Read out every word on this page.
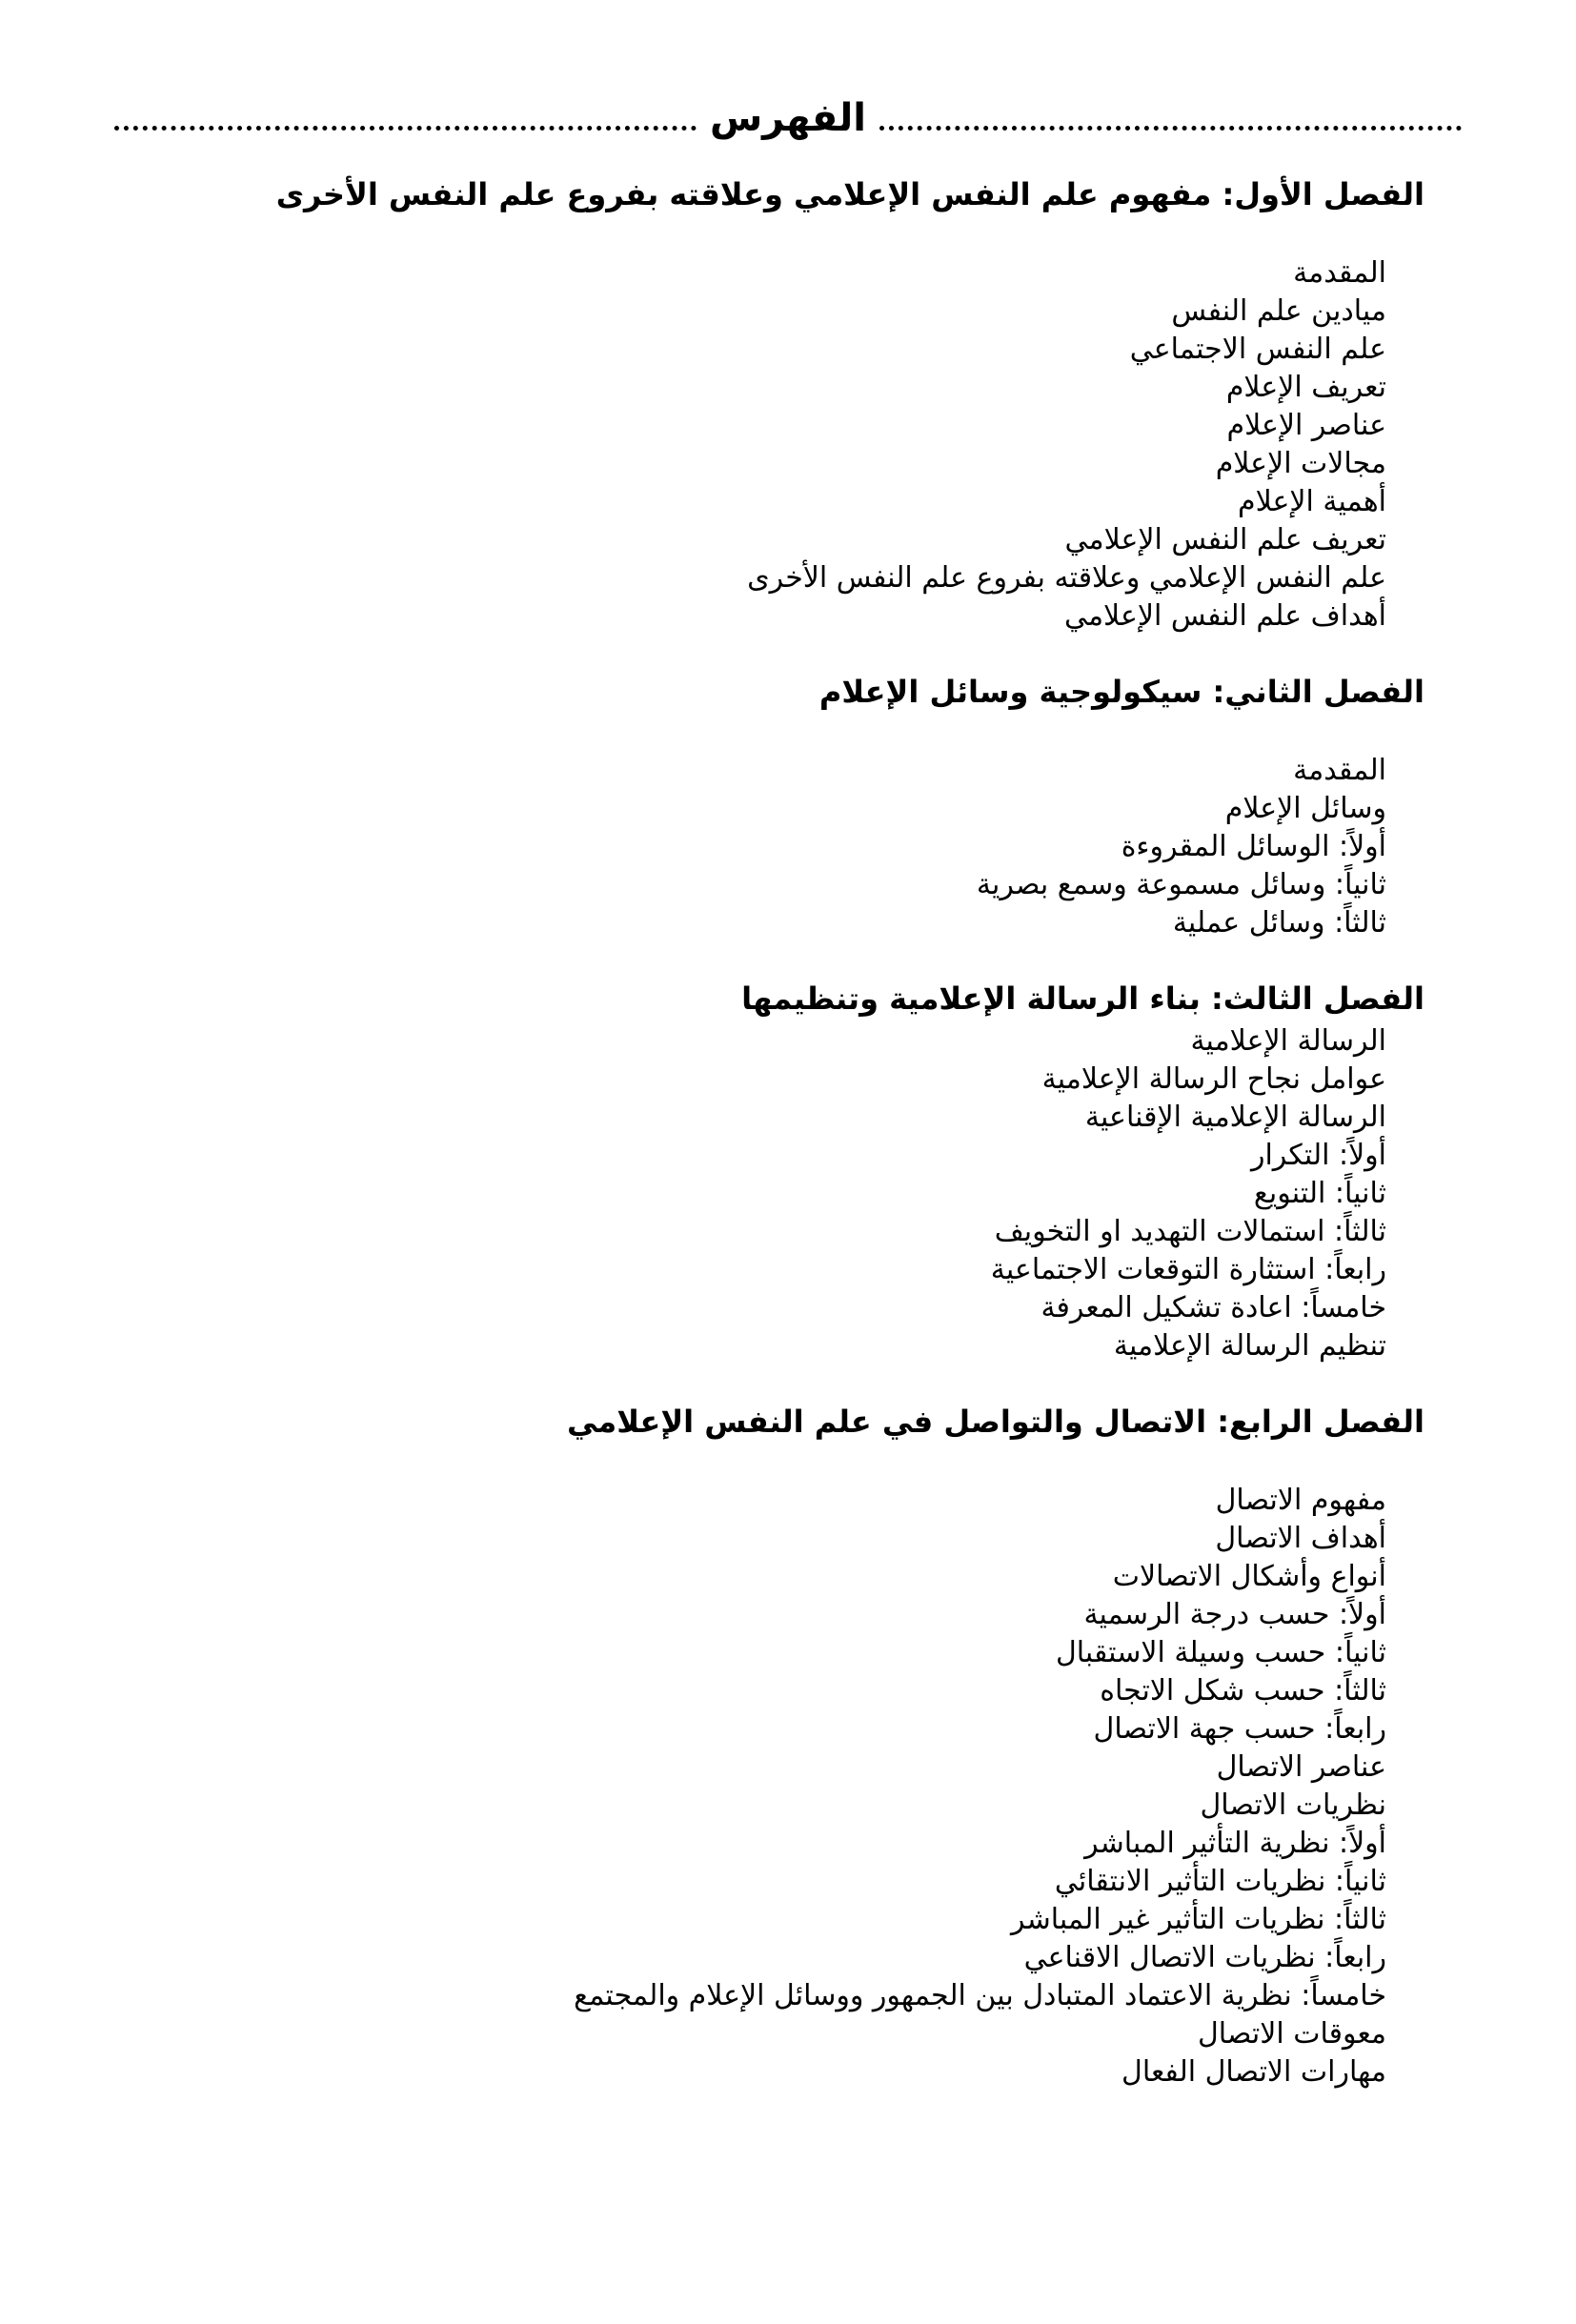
الفهرس
الفصل الأول: مفهوم علم النفس الإعلامي وعلاقته بفروع علم النفس الأخرى
المقدمة
ميادين علم النفس
علم النفس الاجتماعي
تعريف الإعلام
عناصر الإعلام
مجالات الإعلام
أهمية الإعلام
تعريف علم النفس الإعلامي
علم النفس الإعلامي وعلاقته بفروع علم النفس الأخرى
أهداف علم النفس الإعلامي
الفصل الثاني: سيكولوجية وسائل الإعلام
المقدمة
وسائل الإعلام
أولاً: الوسائل المقروءة
ثانياً: وسائل مسموعة وسمع بصرية
ثالثاً: وسائل عملية
الفصل الثالث: بناء الرسالة الإعلامية وتنظيمها
الرسالة الإعلامية
عوامل نجاح الرسالة الإعلامية
الرسالة الإعلامية الإقناعية
أولاً: التكرار
ثانياً: التنويع
ثالثاً: استمالات التهديد او التخويف
رابعاً: استثارة التوقعات الاجتماعية
خامساً: اعادة تشكيل المعرفة
تنظيم الرسالة الإعلامية
الفصل الرابع: الاتصال والتواصل في علم النفس الإعلامي
مفهوم الاتصال
أهداف الاتصال
أنواع وأشكال الاتصالات
أولاً: حسب درجة الرسمية
ثانياً: حسب وسيلة الاستقبال
ثالثاً: حسب شكل الاتجاه
رابعاً: حسب جهة الاتصال
عناصر الاتصال
نظريات الاتصال
أولاً: نظرية التأثير المباشر
ثانياً: نظريات التأثير الانتقائي
ثالثاً: نظريات التأثير غير المباشر
رابعاً: نظريات الاتصال الاقناعي
خامساً: نظرية الاعتماد المتبادل بين الجمهور ووسائل الإعلام والمجتمع
معوقات الاتصال
مهارات الاتصال الفعال
